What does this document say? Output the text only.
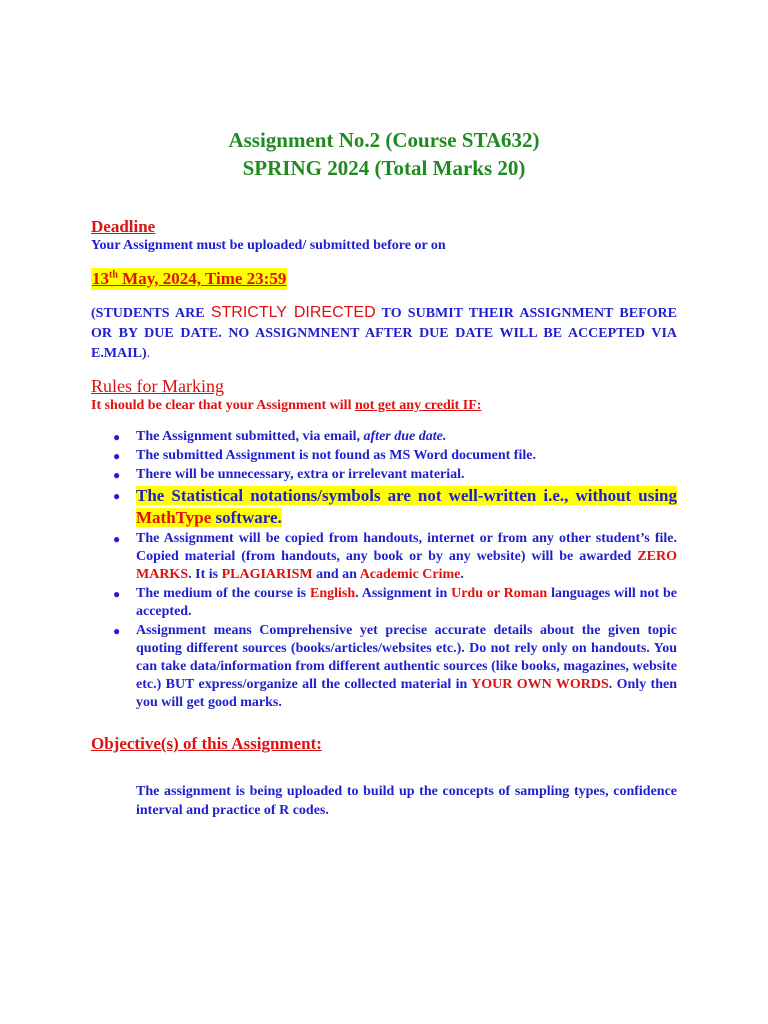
Assignment No.2 (Course STA632)
SPRING 2024 (Total Marks 20)
Deadline
Your Assignment must be uploaded/ submitted before or on
13th May, 2024, Time 23:59
(STUDENTS ARE STRICTLY DIRECTED TO SUBMIT THEIR ASSIGNMENT BEFORE OR BY DUE DATE. NO ASSIGNMNENT AFTER DUE DATE WILL BE ACCEPTED VIA E.MAIL).
Rules for Marking
It should be clear that your Assignment will not get any credit IF:
● The Assignment submitted, via email, after due date.
● The submitted Assignment is not found as MS Word document file.
● There will be unnecessary, extra or irrelevant material.
● The Statistical notations/symbols are not well-written i.e., without using MathType software.
● The Assignment will be copied from handouts, internet or from any other student’s file. Copied material (from handouts, any book or by any website) will be awarded ZERO MARKS. It is PLAGIARISM and an Academic Crime.
● The medium of the course is English. Assignment in Urdu or Roman languages will not be accepted.
● Assignment means Comprehensive yet precise accurate details about the given topic quoting different sources (books/articles/websites etc.). Do not rely only on handouts. You can take data/information from different authentic sources (like books, magazines, website etc.) BUT express/organize all the collected material in YOUR OWN WORDS. Only then you will get good marks.
Objective(s) of this Assignment:
The assignment is being uploaded to build up the concepts of sampling types, confidence interval and practice of R codes.
